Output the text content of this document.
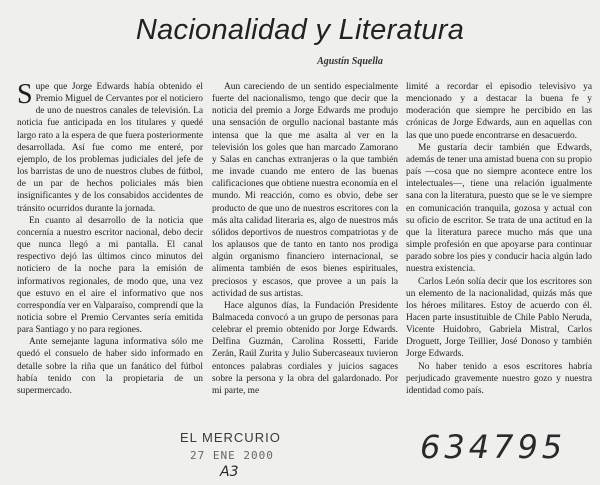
Nacionalidad y Literatura
Agustín Squella

Supe que Jorge Edwards había obtenido el Premio Miguel de Cervantes por el noticiero de uno de nuestros canales de televisión. La noticia fue anticipada en los titulares y quedé largo rato a la espera de que fuera posteriormente desarrollada. Así fue como me enteré, por ejemplo, de los problemas judiciales del jefe de los barristas de uno de nuestros clubes de fútbol, de un par de hechos policiales más bien insignificantes y de los consabidos accidentes de tránsito ocurridos durante la jornada.

En cuanto al desarrollo de la noticia que concernía a nuestro escritor nacional, debo decir que nunca llegó a mi pantalla. El canal respectivo dejó las últimos cinco minutos del noticiero de la noche para la emisión de informativos regionales, de modo que, una vez que estuvo en el aire el informativo que nos correspondía ver en Valparaíso, comprendí que la noticia sobre el Premio Cervantes sería emitida para Santiago y no para regiones.

Ante semejante laguna informativa sólo me quedó el consuelo de haber sido informado en detalle sobre la riña que un fanático del fútbol había tenido con la propietaria de un supermercado.

Aun careciendo de un sentido especialmente fuerte del nacionalismo, tengo que decir que la noticia del premio a Jorge Edwards me produjo una sensación de orgullo nacional bastante más intensa que la que me asalta al ver en la televisión los goles que han marcado Zamorano y Salas en canchas extranjeras o la que también me invade cuando me entero de las buenas calificaciones que obtiene nuestra economía en el mundo. Mi reacción, como es obvio, debe ser producto de que uno de nuestros escritores con la más alta calidad literaria es, algo de nuestros más sólidos deportivos de nuestros compatriotas y de los aplausos que de tanto en tanto nos prodiga algún organismo financiero internacional, se alimenta también de esos bienes espirituales, preciosos y escasos, que provee a un país la actividad de sus artistas.

Hace algunos días, la Fundación Presidente Balmaceda convocó a un grupo de personas para celebrar el premio obtenido por Jorge Edwards. Delfina Guzmán, Carolina Rossetti, Faride Zerán, Raúl Zurita y Julio Subercaseaux tuvieron entonces palabras cordiales y juicios sagaces sobre la persona y la obra del galardonado. Por mi parte, me

limité a recordar el episodio televisivo ya mencionado y a destacar la buena fe y moderación que siempre he percibido en las crónicas de Jorge Edwards, aun en aquellas con las que uno puede encontrarse en desacuerdo.

Me gustaría decir también que Edwards, además de tener una amistad buena con su propio país —cosa que no siempre acontece entre los intelectuales—, tiene una relación igualmente sana con la literatura, puesto que se le ve siempre en comunicación tranquila, gozosa y actual con su oficio de escritor. Se trata de una actitud en la que la literatura parece mucho más que una simple profesión en que apoyarse para continuar parado sobre los pies y conducir hacia algún lado nuestra existencia.

Carlos León solía decir que los escritores son un elemento de la nacionalidad, quizás más que los héroes militares. Estoy de acuerdo con él. Hacen parte insustituible de Chile Pablo Neruda, Vicente Huidobro, Gabriela Mistral, Carlos Droguett, Jorge Teillier, José Donoso y también Jorge Edwards.

No haber tenido a esos escritores habría perjudicado gravemente nuestro gozo y nuestra identidad como país.

EL MERCURIO
27 ENE 2000
A3
634795
